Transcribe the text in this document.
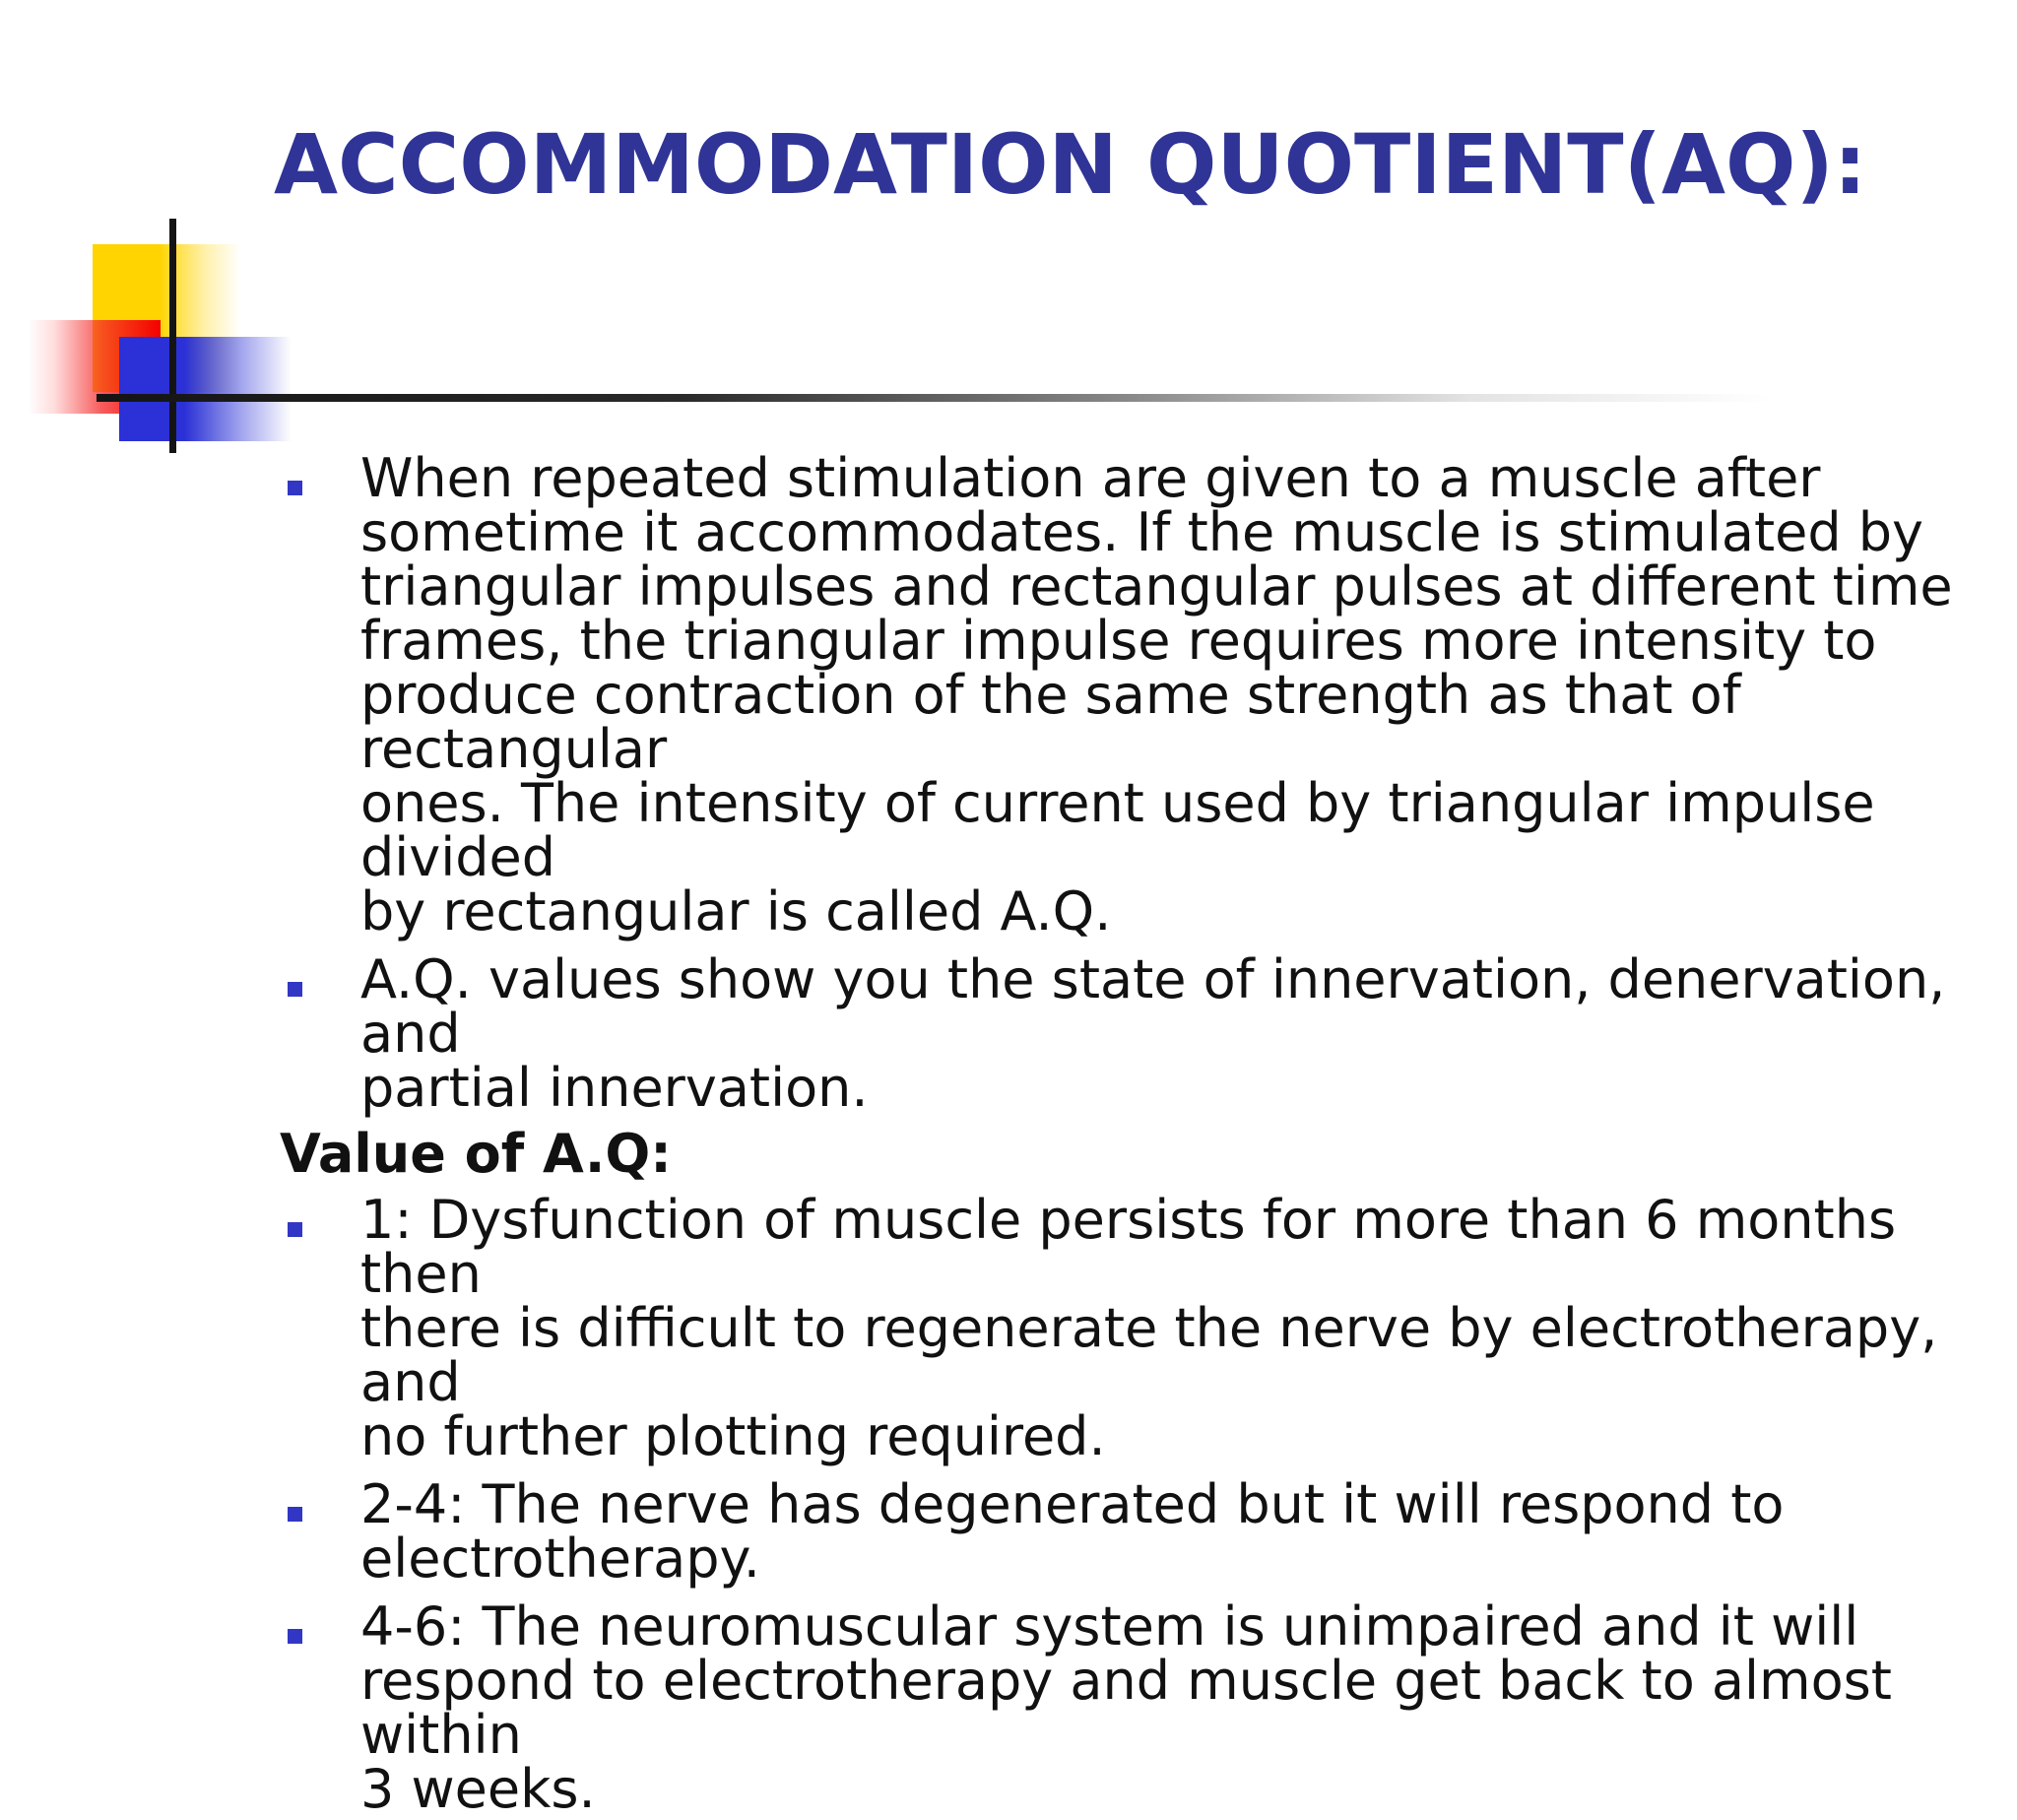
ACCOMMODATION QUOTIENT(AQ):
When repeated stimulation are given to a muscle after
sometime it accommodates. If the muscle is stimulated by
triangular impulses and rectangular pulses at different time
frames, the triangular impulse requires more intensity to
produce contraction of the same strength as that of rectangular
ones. The intensity of current used by triangular impulse divided
by rectangular is called A.Q.
A.Q. values show you the state of innervation, denervation, and
partial innervation.
Value of A.Q:
1: Dysfunction of muscle persists for more than 6 months then
there is difficult to regenerate the nerve by electrotherapy, and
no further plotting required.
2-4: The nerve has degenerated but it will respond to
electrotherapy.
4-6: The neuromuscular system is unimpaired and it will
respond to electrotherapy and muscle get back to almost within
3 weeks.
